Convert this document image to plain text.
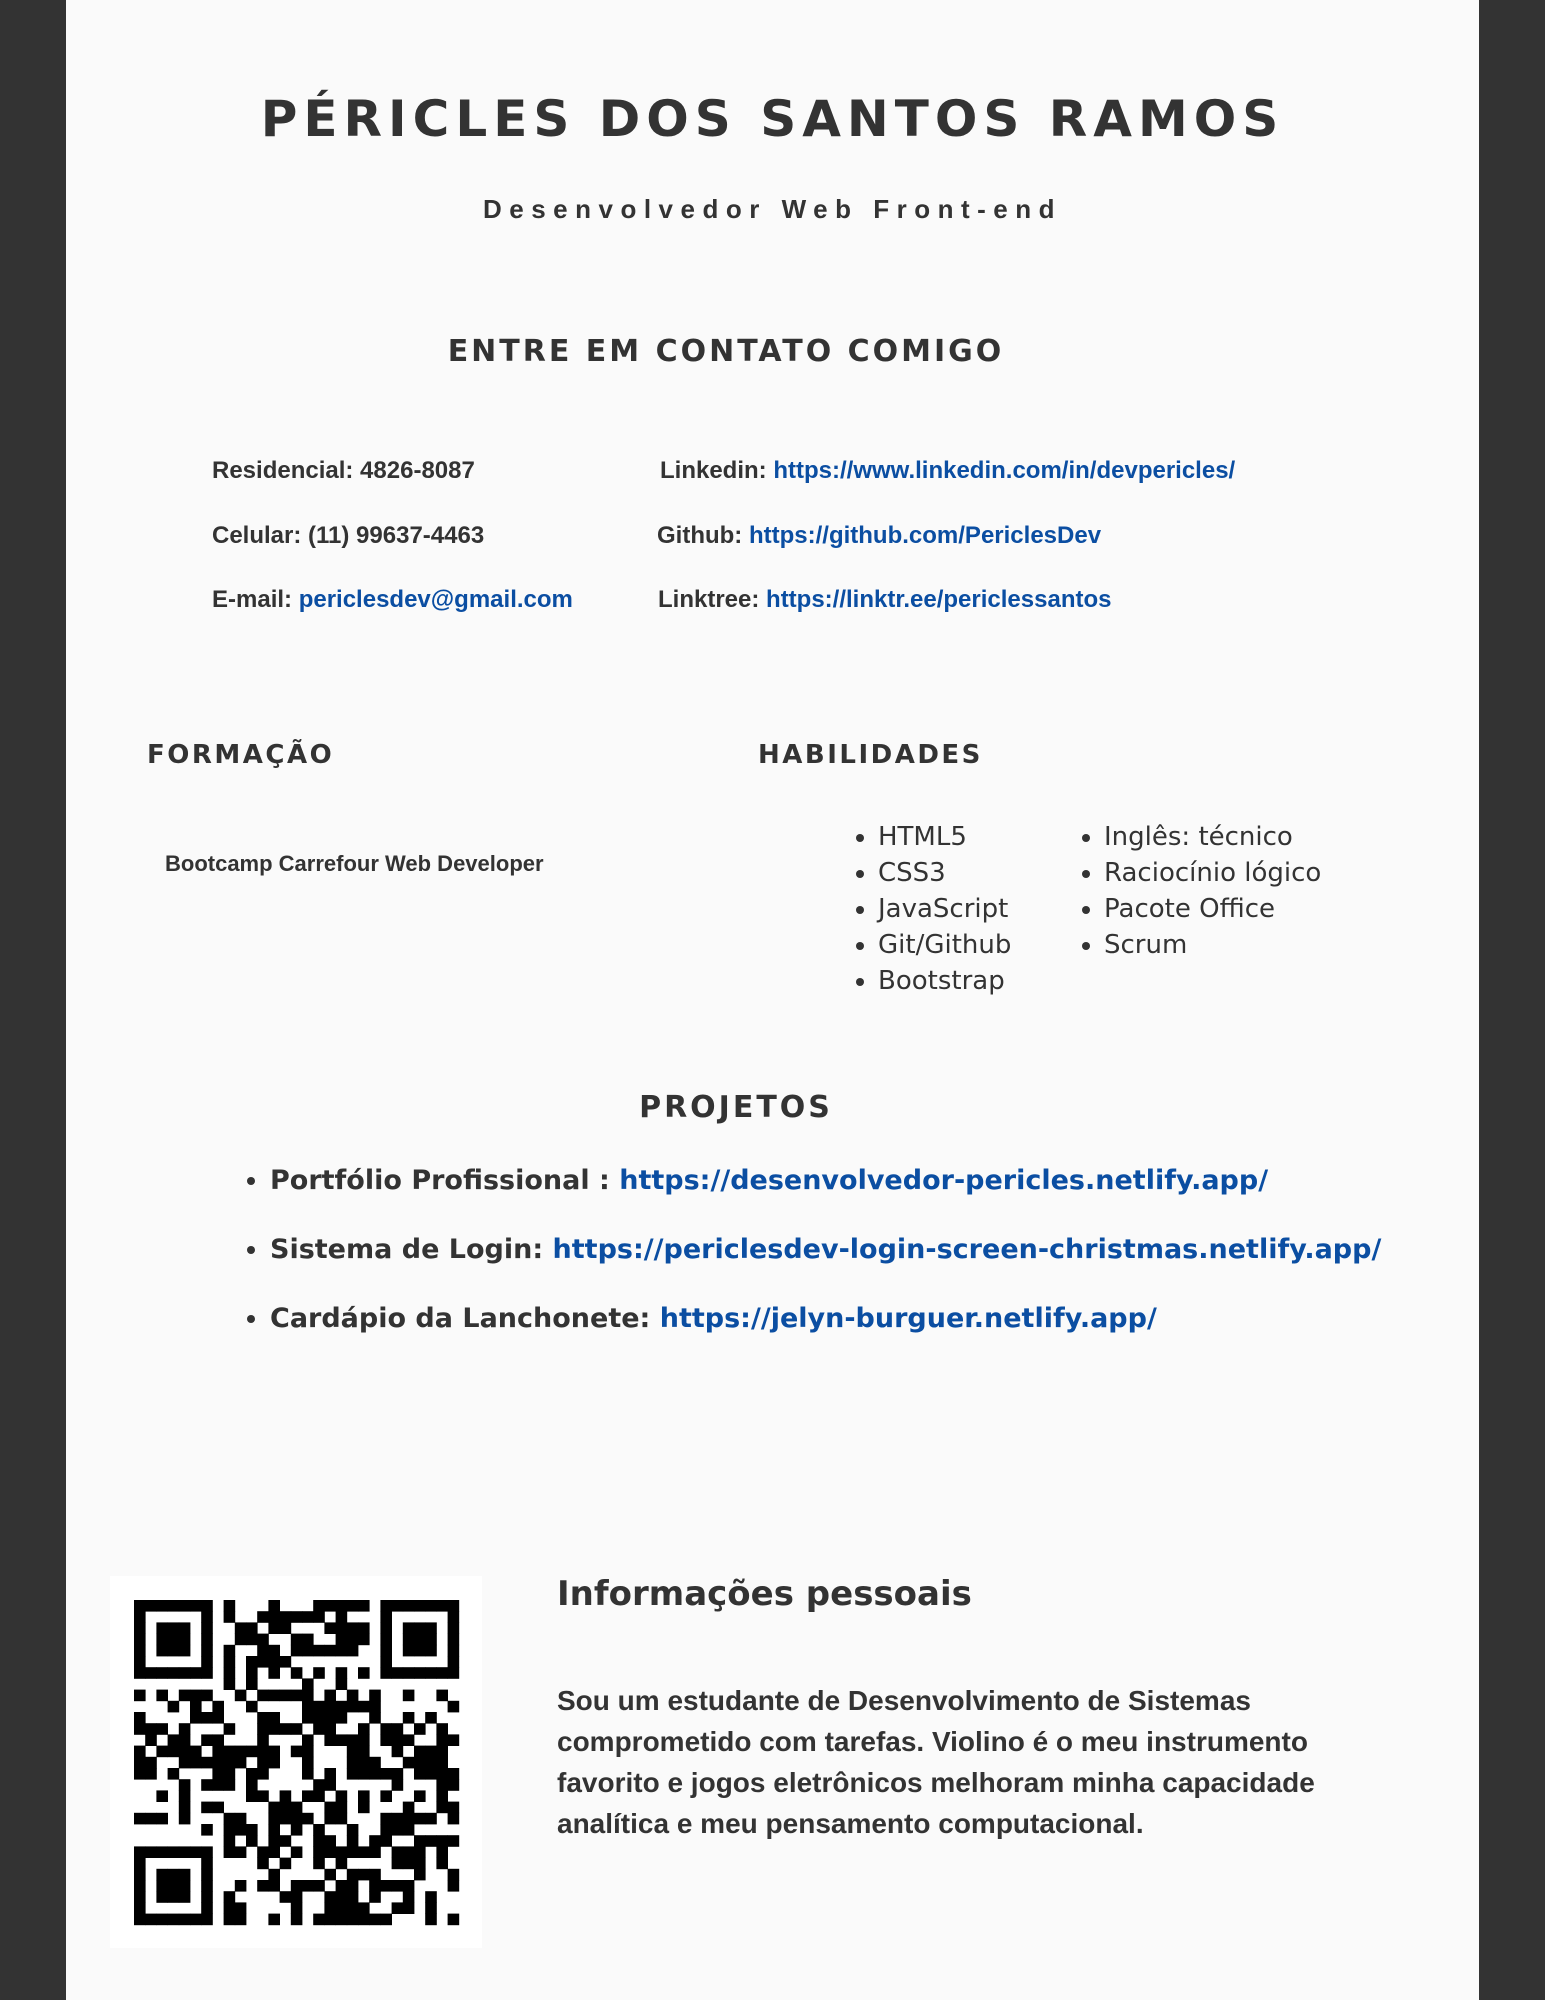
PÉRICLES DOS SANTOS RAMOS
Desenvolvedor Web Front-end
ENTRE EM CONTATO COMIGO
Residencial: 4826-8087
Celular: (11) 99637-4463
E-mail: periclesdev@gmail.com
Linkedin: https://www.linkedin.com/in/devpericles/
Github: https://github.com/PericlesDev
Linktree: https://linktr.ee/periclessantos
FORMAÇÃO
Bootcamp Carrefour Web Developer
HABILIDADES
• HTML5
• CSS3
• JavaScript
• Git/Github
• Bootstrap
• Inglês: técnico
• Raciocínio lógico
• Pacote Office
• Scrum
PROJETOS
• Portfólio Profissional : https://desenvolvedor-pericles.netlify.app/
• Sistema de Login: https://periclesdev-login-screen-christmas.netlify.app/
• Cardápio da Lanchonete: https://jelyn-burguer.netlify.app/
Informações pessoais

Sou um estudante de Desenvolvimento de Sistemas comprometido com tarefas. Violino é o meu instrumento favorito e jogos eletrônicos melhoram minha capacidade analítica e meu pensamento computacional.
